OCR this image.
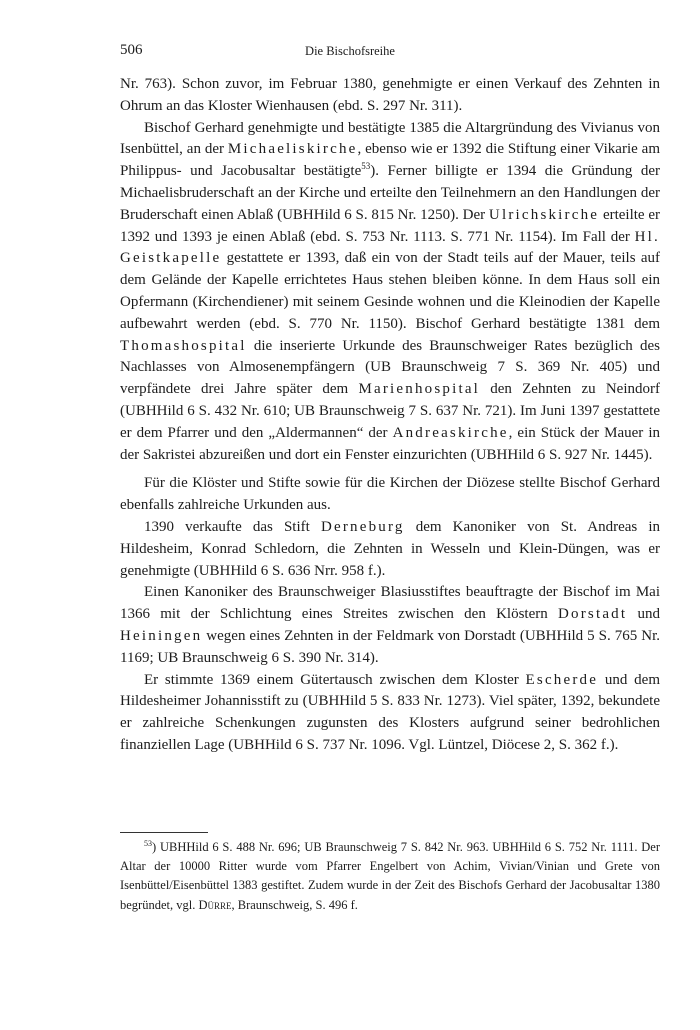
506	Die Bischofsreihe

Nr. 763). Schon zuvor, im Februar 1380, genehmigte er einen Verkauf des Zehnten in Ohrum an das Kloster Wienhausen (ebd. S. 297 Nr. 311).

Bischof Gerhard genehmigte und bestätigte 1385 die Altargründung des Vivianus von Isenbüttel, an der Michaeliskirche, ebenso wie er 1392 die Stiftung einer Vikarie am Philippus- und Jacobusaltar bestätigte$^{53}$). Ferner billigte er 1394 die Gründung der Michaelisbruderschaft an der Kirche und erteilte den Teilnehmern an den Handlungen der Bruderschaft einen Ablaß (UBHHild 6 S. 815 Nr. 1250). Der Ulrichskirche erteilte er 1392 und 1393 je einen Ablaß (ebd. S. 753 Nr. 1113. S. 771 Nr. 1154). Im Fall der Hl. Geistkapelle gestattete er 1393, daß ein von der Stadt teils auf der Mauer, teils auf dem Gelände der Kapelle errichtetes Haus stehen bleiben könne. In dem Haus soll ein Opfermann (Kirchendiener) mit seinem Gesinde wohnen und die Kleinodien der Kapelle aufbewahrt werden (ebd. S. 770 Nr. 1150). Bischof Gerhard bestätigte 1381 dem Thomashospital die inserierte Urkunde des Braunschweiger Rates bezüglich des Nachlasses von Almosenempfängern (UB Braunschweig 7 S. 369 Nr. 405) und verpfändete drei Jahre später dem Marienhospital den Zehnten zu Neindorf (UBHHild 6 S. 432 Nr. 610; UB Braunschweig 7 S. 637 Nr. 721). Im Juni 1397 gestattete er dem Pfarrer und den „Aldermannen“ der Andreaskirche, ein Stück der Mauer in der Sakristei abzureißen und dort ein Fenster einzurichten (UBHHild 6 S. 927 Nr. 1445).

Für die Klöster und Stifte sowie für die Kirchen der Diözese stellte Bischof Gerhard ebenfalls zahlreiche Urkunden aus.

1390 verkaufte das Stift Derneburg dem Kanoniker von St. Andreas in Hildesheim, Konrad Schledorn, die Zehnten in Wesseln und Klein-Düngen, was er genehmigte (UBHHild 6 S. 636 Nrr. 958 f.).

Einen Kanoniker des Braunschweiger Blasiusstiftes beauftragte der Bischof im Mai 1366 mit der Schlichtung eines Streites zwischen den Klöstern Dorstadt und Heiningen wegen eines Zehnten in der Feldmark von Dorstadt (UBHHild 5 S. 765 Nr. 1169; UB Braunschweig 6 S. 390 Nr. 314).

Er stimmte 1369 einem Gütertausch zwischen dem Kloster Escherde und dem Hildesheimer Johannisstift zu (UBHHild 5 S. 833 Nr. 1273). Viel später, 1392, bekundete er zahlreiche Schenkungen zugunsten des Klosters aufgrund seiner bedrohlichen finanziellen Lage (UBHHild 6 S. 737 Nr. 1096. Vgl. Lüntzel, Diöcese 2, S. 362 f.).

$^{53}$) UBHHild 6 S. 488 Nr. 696; UB Braunschweig 7 S. 842 Nr. 963. UBHHild 6 S. 752 Nr. 1111. Der Altar der 10000 Ritter wurde vom Pfarrer Engelbert von Achim, Vivian/Vinian und Grete von Isenbüttel/Eisenbüttel 1383 gestiftet. Zudem wurde in der Zeit des Bischofs Gerhard der Jacobusaltar 1380 begründet, vgl. Dürre, Braunschweig, S. 496 f.
